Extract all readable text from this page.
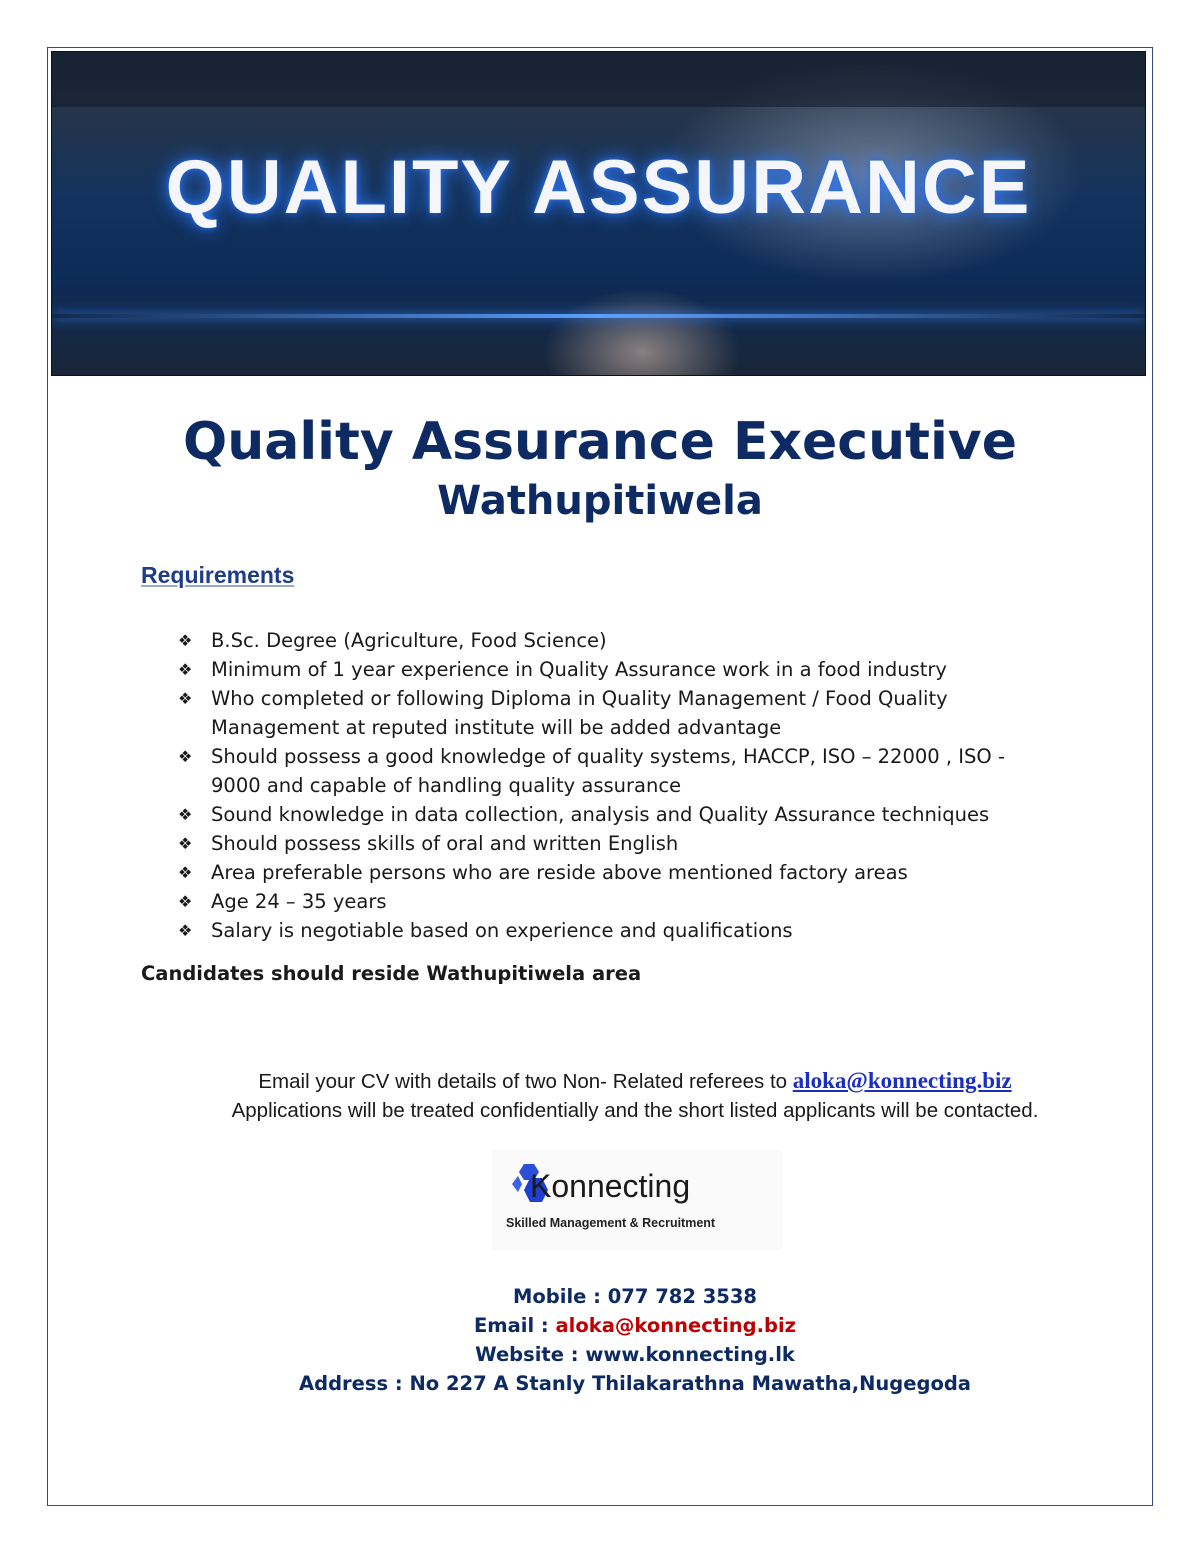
QUALITY ASSURANCE
Quality Assurance Executive
Wathupitiwela
Requirements
❖ B.Sc. Degree (Agriculture, Food Science)
❖ Minimum of 1 year experience in Quality Assurance work in a food industry
❖ Who completed or following Diploma in Quality Management / Food Quality Management at reputed institute will be added advantage
❖ Should possess a good knowledge of quality systems, HACCP, ISO – 22000 , ISO - 9000 and capable of handling quality assurance
❖ Sound knowledge in data collection, analysis and Quality Assurance techniques
❖ Should possess skills of oral and written English
❖ Area preferable persons who are reside above mentioned factory areas
❖ Age 24 – 35 years
❖ Salary is negotiable based on experience and qualifications
Candidates should reside Wathupitiwela area
Email your CV with details of two Non- Related referees to aloka@konnecting.biz
Applications will be treated confidentially and the short listed applicants will be contacted.
Konnecting
Skilled Management & Recruitment
Mobile : 077 782 3538
Email : aloka@konnecting.biz
Website : www.konnecting.lk
Address : No 227 A Stanly Thilakarathna Mawatha,Nugegoda
